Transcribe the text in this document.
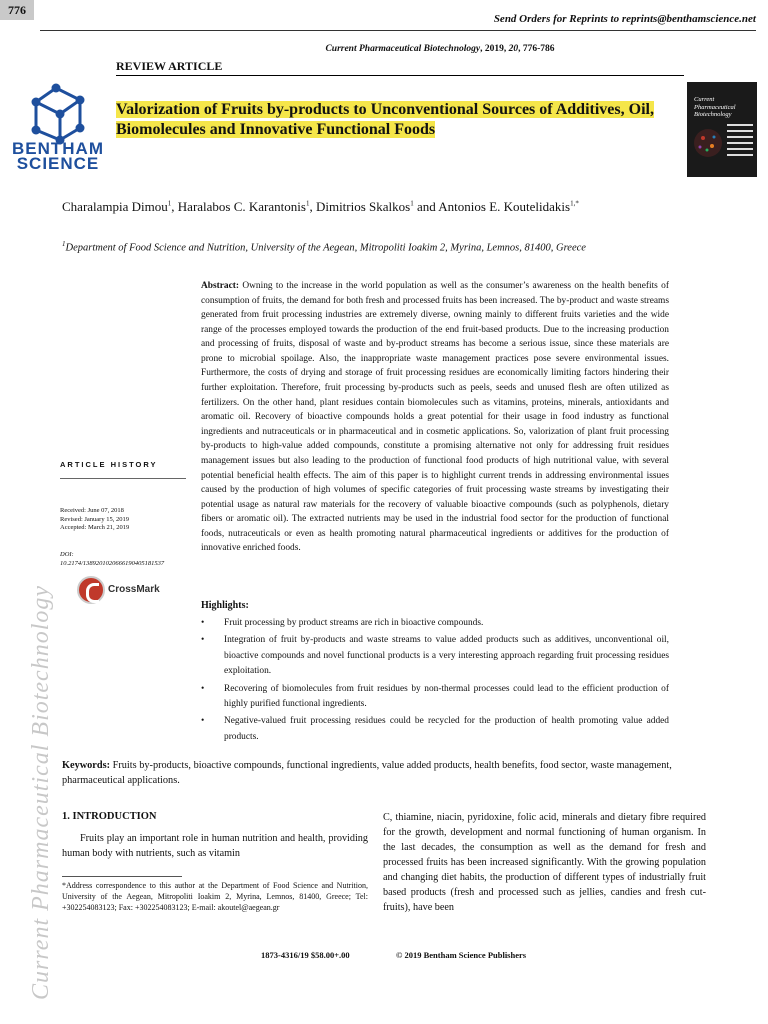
776
Send Orders for Reprints to reprints@benthamscience.net
Current Pharmaceutical Biotechnology, 2019, 20, 776-786
REVIEW ARTICLE
BENTHAM
SCIENCE
Valorization of Fruits by-products to Unconventional Sources of Additives, Oil, Biomolecules and Innovative Functional Foods
Current Pharmaceutical Biotechnology
Charalampia Dimou$^1$, Haralabos C. Karantonis$^1$, Dimitrios Skalkos$^1$ and Antonios E. Koutelidakis$^{1,*}$
$^1$Department of Food Science and Nutrition, University of the Aegean, Mitropoliti Ioakim 2, Myrina, Lemnos, 81400, Greece
Abstract: Owning to the increase in the world population as well as the consumer’s awareness on the health benefits of consumption of fruits, the demand for both fresh and processed fruits has been increased. The by-product and waste streams generated from fruit processing industries are extremely diverse, owning mainly to different fruits varieties and the wide range of the processes employed towards the production of the end fruit-based products. Due to the increasing production and processing of fruits, disposal of waste and by-product streams has become a serious issue, since these materials are prone to microbial spoilage. Also, the inappropriate waste management practices pose severe environmental issues. Furthermore, the costs of drying and storage of fruit processing residues are economically limiting factors hindering their further exploitation. Therefore, fruit processing by-products such as peels, seeds and unused flesh are often utilized as fertilizers. On the other hand, plant residues contain biomolecules such as vitamins, proteins, minerals, antioxidants and aromatic oil. Recovery of bioactive compounds holds a great potential for their usage in food industry as functional ingredients and nutraceuticals or in pharmaceutical and in cosmetic applications. So, valorization of plant fruit processing by-products to high-value added compounds, constitute a promising alternative not only for addressing fruit residues management issues but also leading to the production of functional food products of high nutritional value, with several potential beneficial health effects. The aim of this paper is to highlight current trends in addressing environmental issues caused by the production of high volumes of specific categories of fruit processing waste streams by investigating their potential usage as natural raw materials for the recovery of valuable bioactive compounds (such as polyphenols, dietary fibers or aromatic oil). The extracted nutrients may be used in the industrial food sector for the production of functional foods, nutraceuticals or even as health promoting natural pharmaceutical ingredients or additives for the production of innovative enriched foods.
Highlights:
• Fruit processing by product streams are rich in bioactive compounds.
• Integration of fruit by-products and waste streams to value added products such as additives, unconventional oil, bioactive compounds and novel functional products is a very interesting approach regarding fruit processing residues exploitation.
• Recovering of biomolecules from fruit residues by non-thermal processes could lead to the efficient production of highly purified functional ingredients.
• Negative-valued fruit processing residues could be recycled for the production of health promoting value added products.
ARTICLE HISTORY
Received: June 07, 2018
Revised: January 15, 2019
Accepted: March 21, 2019
DOI:
10.2174/1389201020666190405181537
CrossMark
Current Pharmaceutical Biotechnology Keywords: Fruits by-products, bioactive compounds, functional ingredients, value added products, health benefits, food sector, waste management, pharmaceutical applications.
1. INTRODUCTION
Fruits play an important role in human nutrition and health, providing human body with nutrients, such as vitamin
C, thiamine, niacin, pyridoxine, folic acid, minerals and dietary fibre required for the growth, development and normal functioning of human organism. In the last decades, the consumption as well as the demand for fresh and processed fruits has been increased significantly. With the growing population and changing diet habits, the production of different types of industrially fruit based products (fresh and processed such as jellies, candies and fresh cut-fruits), have been
*Address correspondence to this author at the Department of Food Science and Nutrition, University of the Aegean, Mitropoliti Ioakim 2, Myrina, Lemnos, 81400, Greece; Tel: +302254083123; Fax: +302254083123; E-mail: akoutel@aegean.gr
1873-4316/19 $58.00+.00	© 2019 Bentham Science Publishers
